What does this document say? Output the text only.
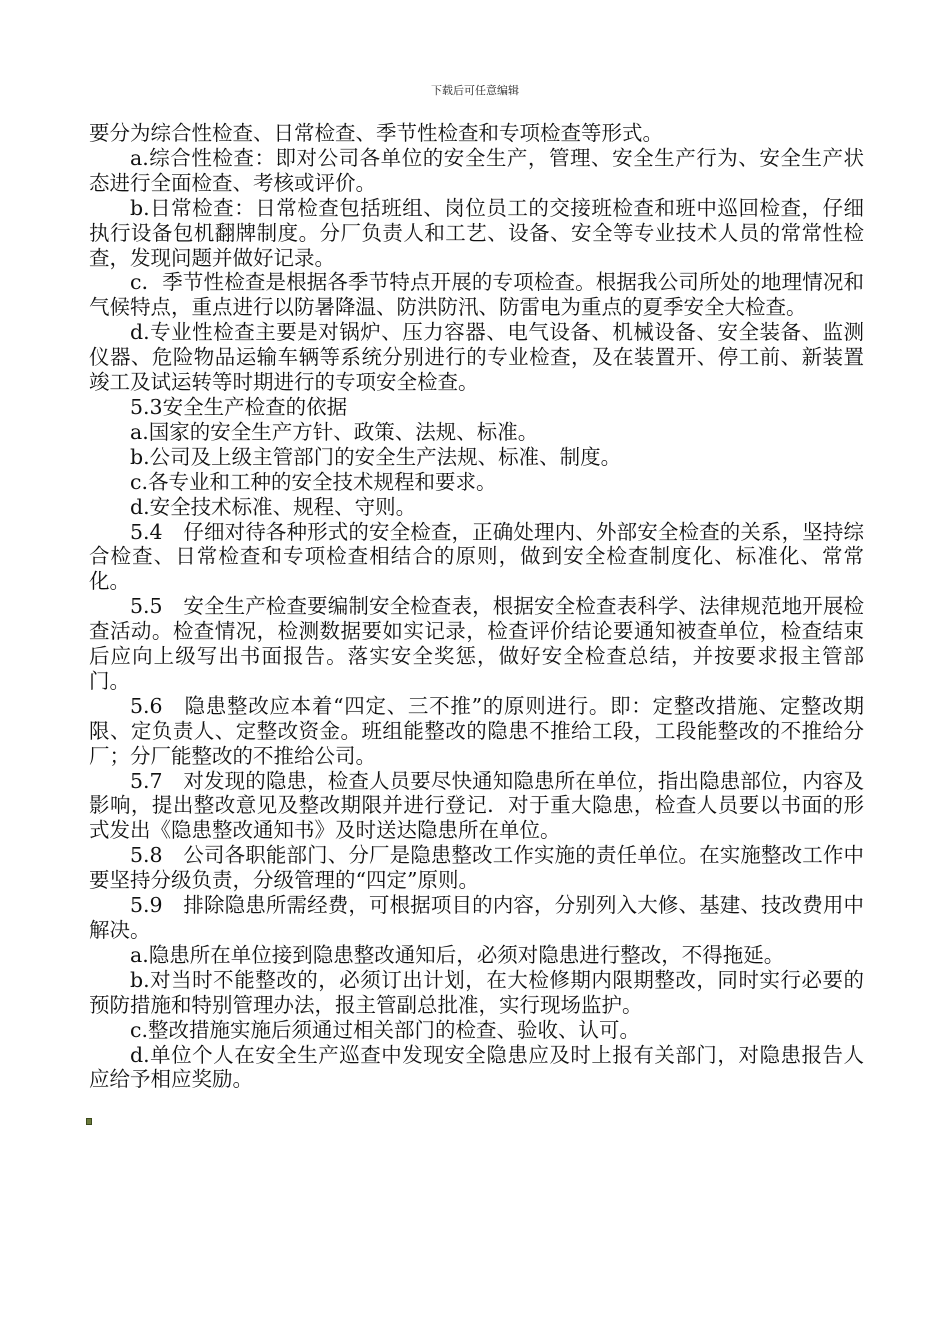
下载后可任意编辑

要分为综合性检查、日常检查、季节性检查和专项检查等形式。

a.综合性检查：即对公司各单位的安全生产，管理、安全生产行为、安全生产状态进行全面检查、考核或评价。

b.日常检查：日常检查包括班组、岗位员工的交接班检查和班中巡回检查，仔细执行设备包机翻牌制度。分厂负责人和工艺、设备、安全等专业技术人员的常常性检查，发现问题并做好记录。

c．季节性检查是根据各季节特点开展的专项检查。根据我公司所处的地理情况和气候特点，重点进行以防暑降温、防洪防汛、防雷电为重点的夏季安全大检查。

d.专业性检查主要是对锅炉、压力容器、电气设备、机械设备、安全装备、监测仪器、危险物品运输车辆等系统分别进行的专业检查，及在装置开、停工前、新装置竣工及试运转等时期进行的专项安全检查。

5.3安全生产检查的依据

a.国家的安全生产方针、政策、法规、标准。

b.公司及上级主管部门的安全生产法规、标准、制度。

c.各专业和工种的安全技术规程和要求。

d.安全技术标准、规程、守则。

5.4　仔细对待各种形式的安全检查，正确处理内、外部安全检查的关系，坚持综合检查、日常检查和专项检查相结合的原则，做到安全检查制度化、标准化、常常化。

5.5　安全生产检查要编制安全检查表，根据安全检查表科学、法律规范地开展检查活动。检查情况，检测数据要如实记录，检查评价结论要通知被查单位，检查结束后应向上级写出书面报告。落实安全奖惩，做好安全检查总结，并按要求报主管部门。

5.6　隐患整改应本着“四定、三不推”的原则进行。即：定整改措施、定整改期限、定负责人、定整改资金。班组能整改的隐患不推给工段，工段能整改的不推给分厂；分厂能整改的不推给公司。

5.7　对发现的隐患，检查人员要尽快通知隐患所在单位，指出隐患部位，内容及影响，提出整改意见及整改期限并进行登记．对于重大隐患，检查人员要以书面的形式发出《隐患整改通知书》及时送达隐患所在单位。

5.8　公司各职能部门、分厂是隐患整改工作实施的责任单位。在实施整改工作中要坚持分级负责，分级管理的“四定”原则。

5.9　排除隐患所需经费，可根据项目的内容，分别列入大修、基建、技改费用中解决。

a.隐患所在单位接到隐患整改通知后，必须对隐患进行整改，不得拖延。

b.对当时不能整改的，必须订出计划，在大检修期内限期整改，同时实行必要的预防措施和特别管理办法，报主管副总批准，实行现场监护。

c.整改措施实施后须通过相关部门的检查、验收、认可。

d.单位个人在安全生产巡查中发现安全隐患应及时上报有关部门，对隐患报告人应给予相应奖励。
